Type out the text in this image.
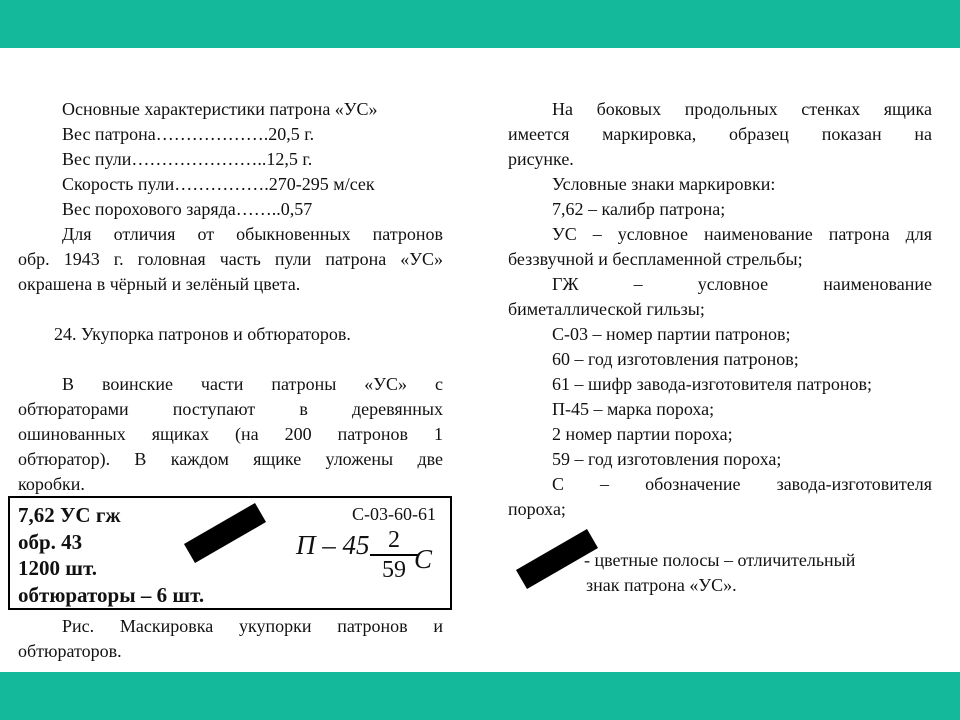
Основные характеристики патрона «УС»
Вес патрона……………….20,5 г.
Вес пули…………………..12,5 г.
Скорость пули…………….270-295 м/сек
Вес порохового заряда……..0,57
Для отличия от обыкновенных патронов
обр. 1943 г. головная часть пули патрона «УС»
окрашена в чёрный и зелёный цвета.
24. Укупорка патронов и обтюраторов.
В воинские части патроны «УС» с
обтюраторами поступают в деревянных
ошинованных ящиках (на 200 патронов 1
обтюратор). В каждом ящике уложены две
коробки.
7,62 УС гж
обр. 43
1200 шт.
обтюраторы – 6 шт.
С-03-60-61
П – $45 \frac{2}{59}$
С
Рис. Маскировка укупорки патронов и
обтюраторов.
На боковых продольных стенках ящика
имеется маркировка, образец показан на
рисунке.
Условные знаки маркировки:
7,62 – калибр патрона;
УС – условное наименование патрона для
беззвучной и беспламенной стрельбы;
ГЖ – условное наименование
биметаллической гильзы;
С-03 – номер партии патронов;
60 – год изготовления патронов;
61 – шифр завода-изготовителя патронов;
П-45 – марка пороха;
2 номер партии пороха;
59 – год изготовления пороха;
С – обозначение завода-изготовителя
пороха;
- цветные полосы – отличительный
знак патрона «УС».
